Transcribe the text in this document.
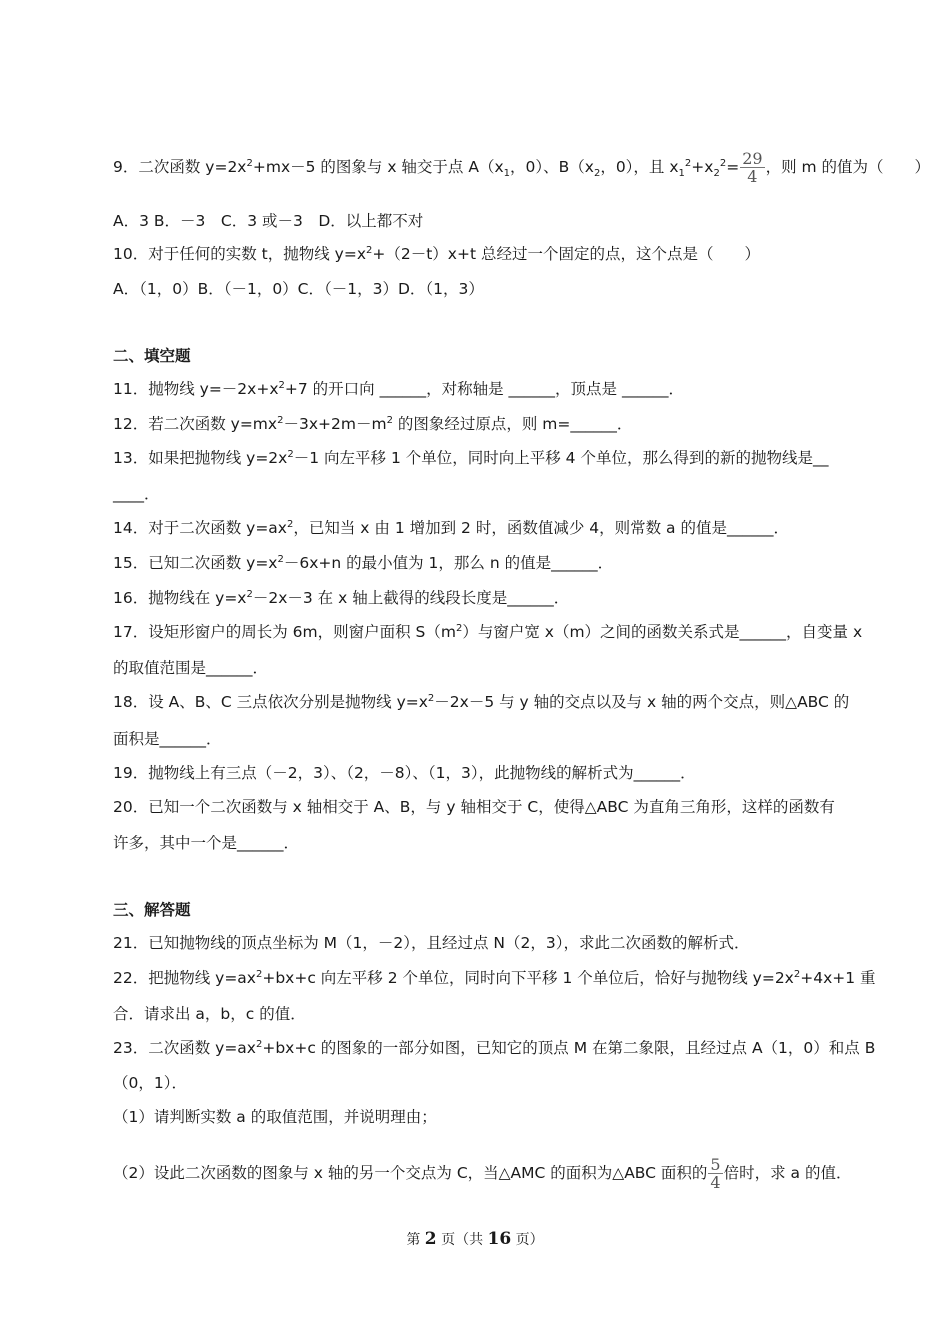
9．二次函数 $y=2x^2+mx-5$ 的图象与 x 轴交于点 $A(x_1$，0）、$B(x_2$，0），且 $x_1^2+x_2^2= \frac{29}{4}$ ，则 m 的值为（　　）
A．3 B．－3　C．3 或－3　D．以上都不对
10．对于任何的实数 t，抛物线 $y=x^2+(2-t)x+t$ 总经过一个固定的点，这个点是（　　）
A．（1，0）B．（－1，0）C．（－1，3）D．（1，3）
二、填空题
11．抛物线 $y=-2x+x^2+7$ 的开口向 ______，对称轴是 ______，顶点是 ______．
12．若二次函数 $y=mx^2-3x+2m-m^2$ 的图象经过原点，则 m=______．
13．如果把抛物线 $y=2x^2-1$ 向左平移 1 个单位，同时向上平移 4 个单位，那么得到的新的抛物线是__
____．
14．对于二次函数 $y=ax^2$，已知当 x 由 1 增加到 2 时，函数值减少 4，则常数 a 的值是______．
15．已知二次函数 $y=x^2-6x+n$ 的最小值为 1，那么 n 的值是______．
16．抛物线在 $y=x^2-2x-3$ 在 x 轴上截得的线段长度是______．
17．设矩形窗户的周长为 6m，则窗户面积 $S(m^2)$与窗户宽 x（m）之间的函数关系式是______，自变量 x
的取值范围是______．
18．设 A、B、C 三点依次分别是抛物线 $y=x^2-2x-5$ 与 y 轴的交点以及与 x 轴的两个交点，则△ABC 的
面积是______．
19．抛物线上有三点（－2，3）、（2，－8）、（1，3），此抛物线的解析式为______．
20．已知一个二次函数与 x 轴相交于 A、B，与 y 轴相交于 C，使得△ABC 为直角三角形，这样的函数有
许多，其中一个是______．
三、解答题
21．已知抛物线的顶点坐标为 M（1，－2），且经过点 N（2，3），求此二次函数的解析式．
22．把抛物线 $y=ax^2+bx+c$ 向左平移 2 个单位，同时向下平移 1 个单位后，恰好与抛物线 $y=2x^2+4x+1$ 重
合．请求出 a，b，c 的值．
23．二次函数 $y=ax^2+bx+c$ 的图象的一部分如图，已知它的顶点 M 在第二象限，且经过点 A（1，0）和点 B
（0，1）．
（1）请判断实数 a 的取值范围，并说明理由；
（2）设此二次函数的图象与 x 轴的另一个交点为 C，当△AMC 的面积为△ABC 面积的 $\frac{5}{4}$ 倍时，求 a 的值．
第 2 页（共 16 页）
